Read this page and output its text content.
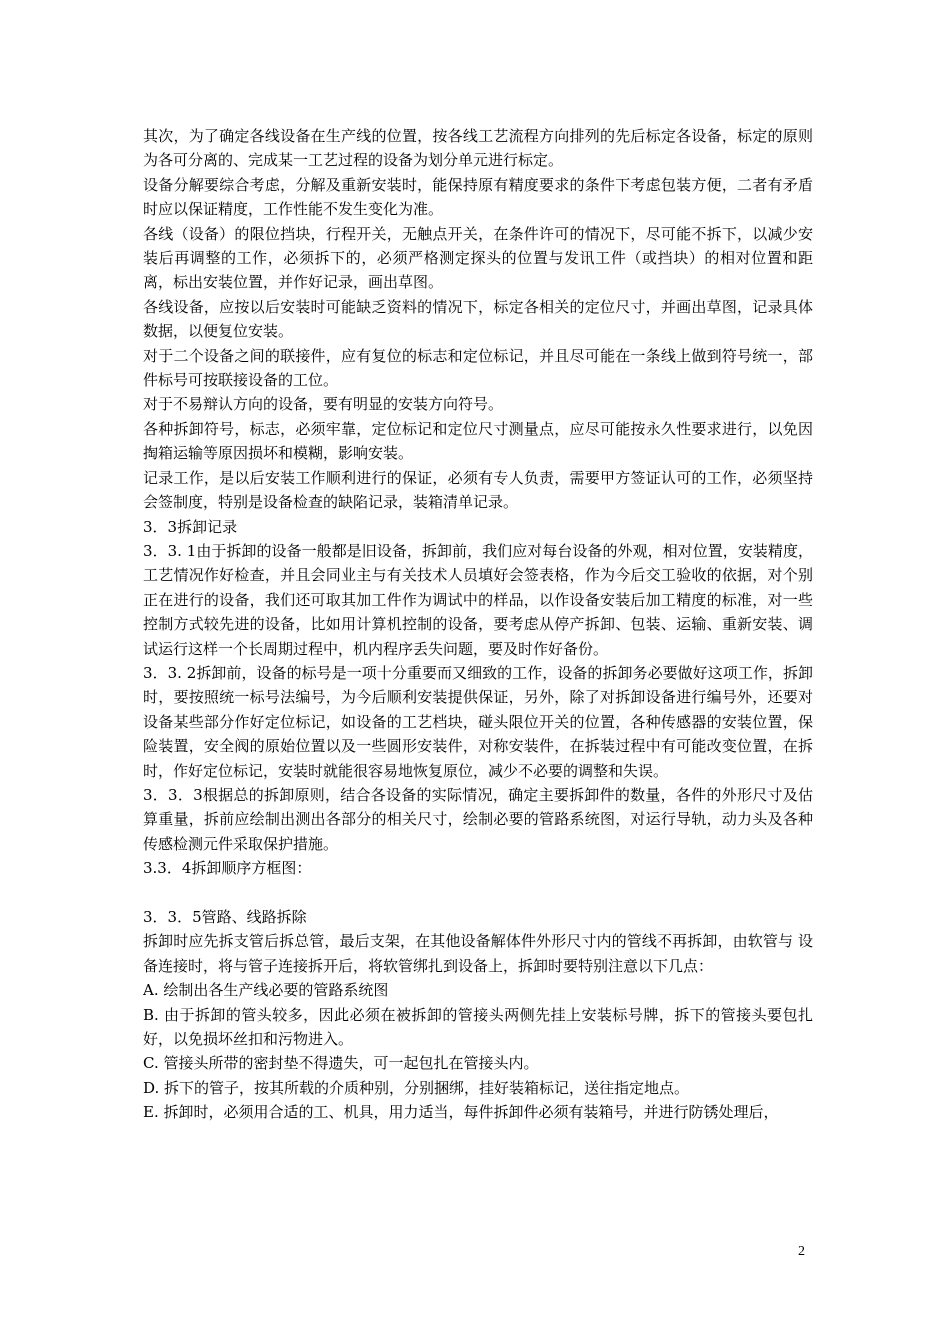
其次，为了确定各线设备在生产线的位置，按各线工艺流程方向排列的先后标定各设备，标定的原则为各可分离的、完成某一工艺过程的设备为划分单元进行标定。

设备分解要综合考虑，分解及重新安装时，能保持原有精度要求的条件下考虑包装方便，二者有矛盾时应以保证精度，工作性能不发生变化为准。

各线（设备）的限位挡块，行程开关，无触点开关，在条件许可的情况下，尽可能不拆下，以减少安装后再调整的工作，必须拆下的，必须严格测定探头的位置与发讯工件（或挡块）的相对位置和距离，标出安装位置，并作好记录，画出草图。

各线设备，应按以后安装时可能缺乏资料的情况下，标定各相关的定位尺寸，并画出草图，记录具体数据，以便复位安装。

对于二个设备之间的联接件，应有复位的标志和定位标记，并且尽可能在一条线上做到符号统一，部件标号可按联接设备的工位。

对于不易辩认方向的设备，要有明显的安装方向符号。

各种拆卸符号，标志，必须牢靠，定位标记和定位尺寸测量点，应尽可能按永久性要求进行，以免因掏箱运输等原因损坏和模糊，影响安装。

记录工作，是以后安装工作顺利进行的保证，必须有专人负责，需要甲方签证认可的工作，必须坚持会签制度，特别是设备检查的缺陷记录，装箱清单记录。

3．3拆卸记录

3．3. 1由于拆卸的设备一般都是旧设备，拆卸前，我们应对每台设备的外观，相对位置，安装精度，工艺情况作好检查，并且会同业主与有关技术人员填好会签表格，作为今后交工验收的依据，对个别正在进行的设备，我们还可取其加工件作为调试中的样品，以作设备安装后加工精度的标准，对一些控制方式较先进的设备，比如用计算机控制的设备，要考虑从停产拆卸、包装、运输、重新安装、调试运行这样一个长周期过程中，机内程序丢失问题，要及时作好备份。

3．3. 2拆卸前，设备的标号是一项十分重要而又细致的工作，设备的拆卸务必要做好这项工作，拆卸时，要按照统一标号法编号，为今后顺利安装提供保证，另外，除了对拆卸设备进行编号外，还要对设备某些部分作好定位标记，如设备的工艺档块，碰头限位开关的位置，各种传感器的安装位置，保险装置，安全阀的原始位置以及一些圆形安装件，对称安装件，在拆装过程中有可能改变位置，在拆时，作好定位标记，安装时就能很容易地恢复原位，减少不必要的调整和失误。

3．3．3根据总的拆卸原则，结合各设备的实际情况，确定主要拆卸件的数量，各件的外形尺寸及估算重量，拆前应绘制出测出各部分的相关尺寸，绘制必要的管路系统图，对运行导轨，动力头及各种传感检测元件采取保护措施。

3.3．4拆卸顺序方框图：

3．3．5管路、线路拆除

拆卸时应先拆支管后拆总管，最后支架，在其他设备解体件外形尺寸内的管线不再拆卸，由软管与 设备连接时，将与管子连接拆开后，将软管绑扎到设备上，拆卸时要特别注意以下几点：

A. 绘制出各生产线必要的管路系统图

B. 由于拆卸的管头较多，因此必须在被拆卸的管接头两侧先挂上安装标号牌，拆下的管接头要包扎好，以免损坏丝扣和污物进入。

C. 管接头所带的密封垫不得遗失，可一起包扎在管接头内。

D. 拆下的管子，按其所载的介质种别，分别捆绑，挂好装箱标记，送往指定地点。

E. 拆卸时，必须用合适的工、机具，用力适当，每件拆卸件必须有装箱号，并进行防锈处理后，

2
